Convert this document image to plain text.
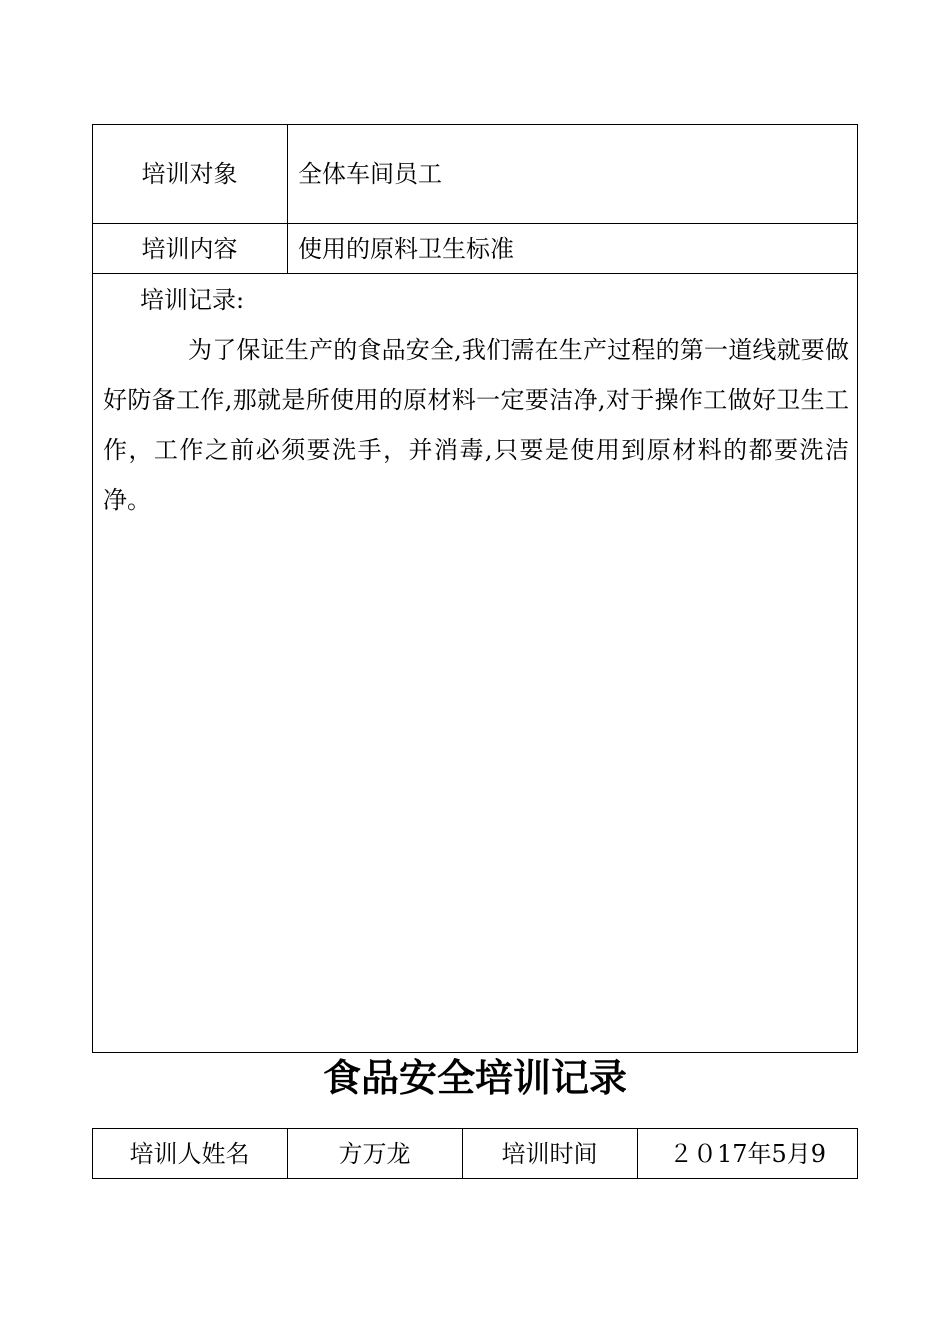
培训对象	全体车间员工
培训内容	使用的原料卫生标准
培训记录:
为了保证生产的食品安全,我们需在生产过程的第一道线就要做好防备工作,那就是所使用的原材料一定要洁净,对于操作工做好卫生工作，工作之前必须要洗手，并消毒,只要是使用到原材料的都要洗洁净。
食品安全培训记录
培训人姓名	方万龙	培训时间	２０17年5月9
